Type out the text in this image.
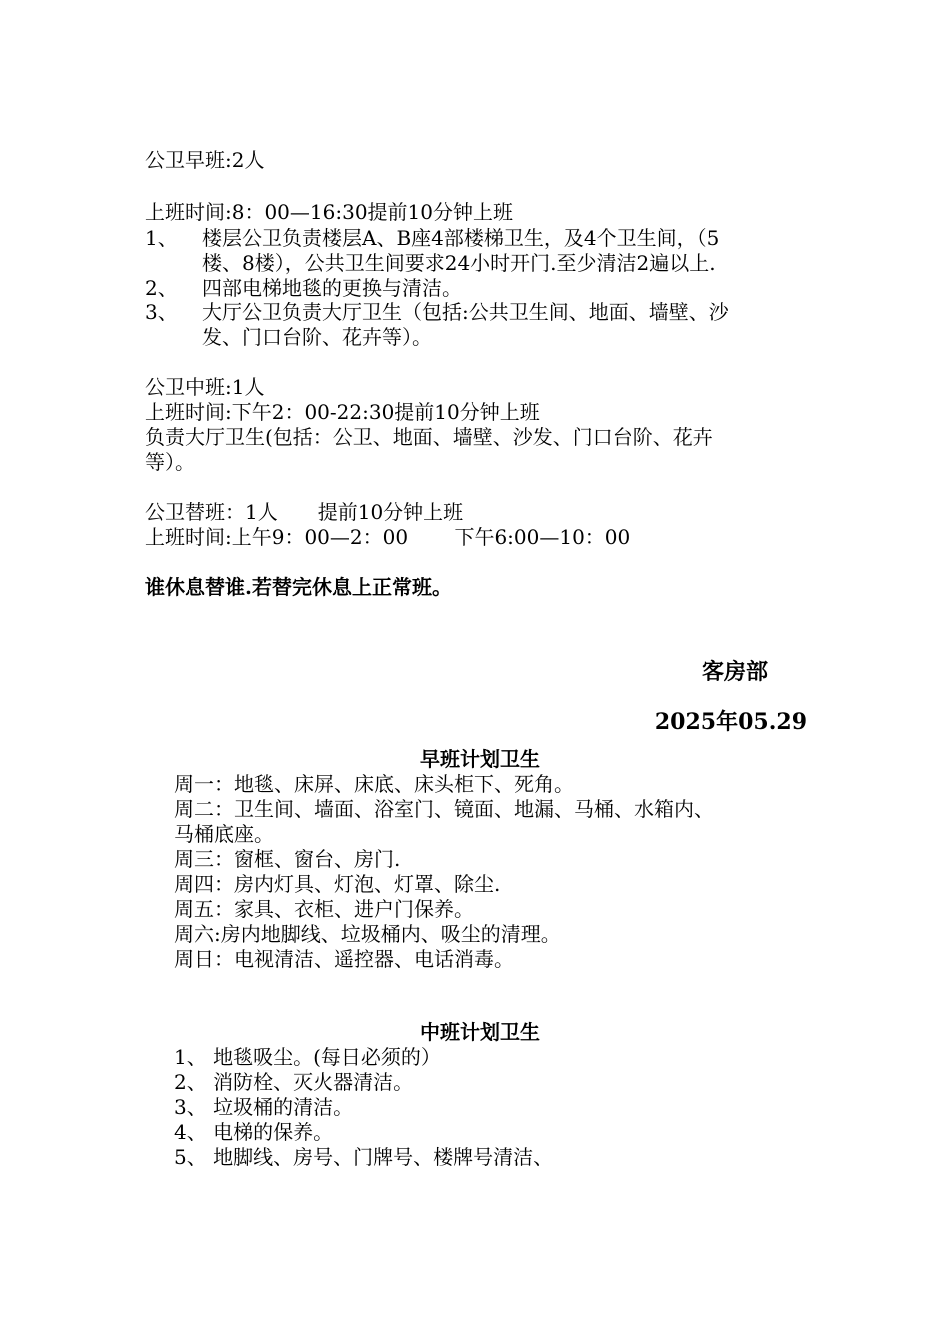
公卫早班:2人
上班时间:8：00—16:30提前10分钟上班
1、 楼层公卫负责楼层A、B座4部楼梯卫生，及4个卫生间，（5
楼、8楼），公共卫生间要求24小时开门.至少清洁2遍以上.
2、 四部电梯地毯的更换与清洁。
3、 大厅公卫负责大厅卫生（包括:公共卫生间、地面、墙壁、沙
发、门口台阶、花卉等）。
公卫中班:1人
上班时间:下午2：00-22:30提前10分钟上班
负责大厅卫生(包括：公卫、地面、墙壁、沙发、门口台阶、花卉
等）。
公卫替班：1人　　提前10分钟上班
上班时间:上午9：00—2：00　　 下午6:00—10：00
谁休息替谁.若替完休息上正常班。
客房部
2025年05.29
早班计划卫生
周一：地毯、床屏、床底、床头柜下、死角。
周二：卫生间、墙面、浴室门、镜面、地漏、马桶、水箱内、
马桶底座。
周三：窗框、窗台、房门.
周四：房内灯具、灯泡、灯罩、除尘.
周五：家具、衣柜、进户门保养。
周六:房内地脚线、垃圾桶内、吸尘的清理。
周日：电视清洁、遥控器、电话消毒。
中班计划卫生
1、 地毯吸尘。(每日必须的）
2、 消防栓、灭火器清洁。
3、 垃圾桶的清洁。
4、 电梯的保养。
5、 地脚线、房号、门牌号、楼牌号清洁、
